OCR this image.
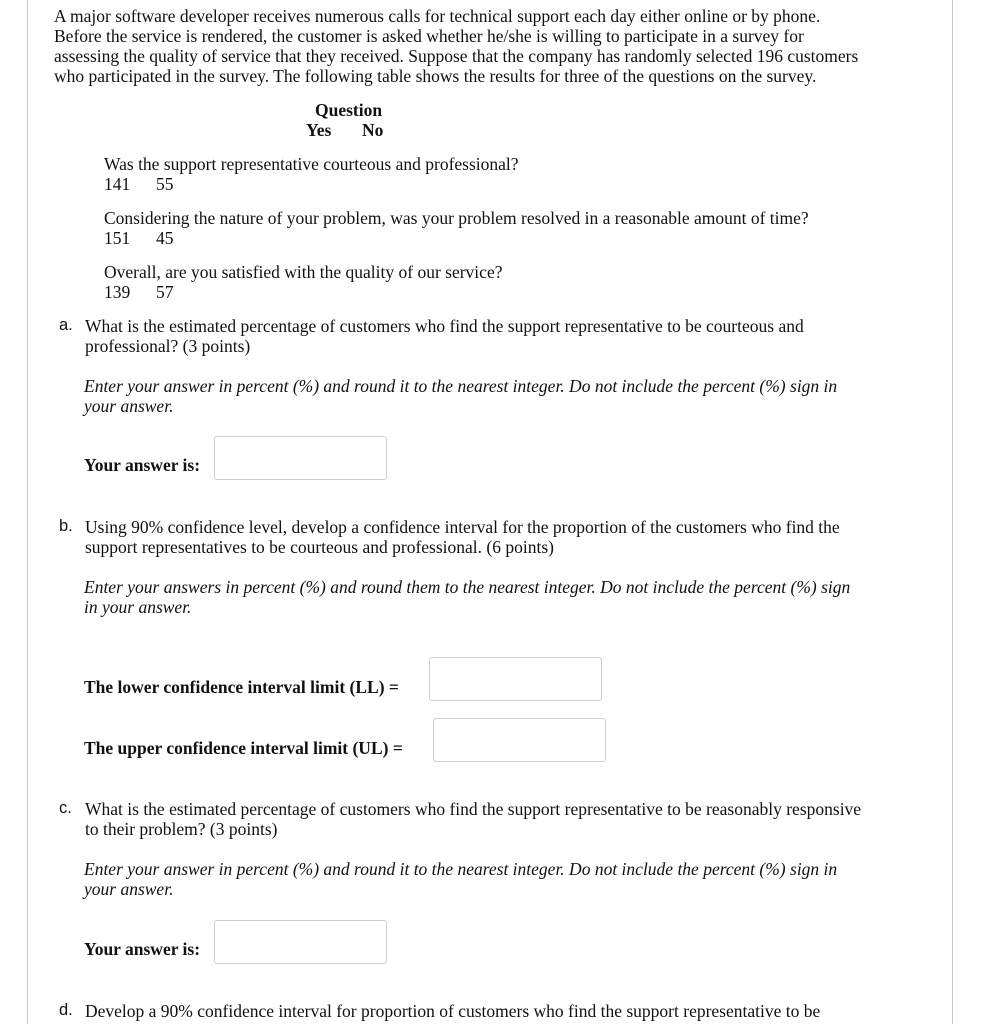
A major software developer receives numerous calls for technical support each day either online or by phone.
Before the service is rendered, the customer is asked whether he/she is willing to participate in a survey for
assessing the quality of service that they received. Suppose that the company has randomly selected 196 customers
who participated in the survey. The following table shows the results for three of the questions on the survey.
Question
Yes No
Was the support representative courteous and professional?
141 55
Considering the nature of your problem, was your problem resolved in a reasonable amount of time?
151 45
Overall, are you satisfied with the quality of our service?
139 57
a. What is the estimated percentage of customers who find the support representative to be courteous and
professional? (3 points)
Enter your answer in percent (%) and round it to the nearest integer. Do not include the percent (%) sign in
your answer.
Your answer is:
b. Using 90% confidence level, develop a confidence interval for the proportion of the customers who find the
support representatives to be courteous and professional. (6 points)
Enter your answers in percent (%) and round them to the nearest integer. Do not include the percent (%) sign
in your answer.
The lower confidence interval limit (LL) =
The upper confidence interval limit (UL) =
c. What is the estimated percentage of customers who find the support representative to be reasonably responsive
to their problem? (3 points)
Enter your answer in percent (%) and round it to the nearest integer. Do not include the percent (%) sign in
your answer.
Your answer is:
d. Develop a 90% confidence interval for proportion of customers who find the support representative to be
